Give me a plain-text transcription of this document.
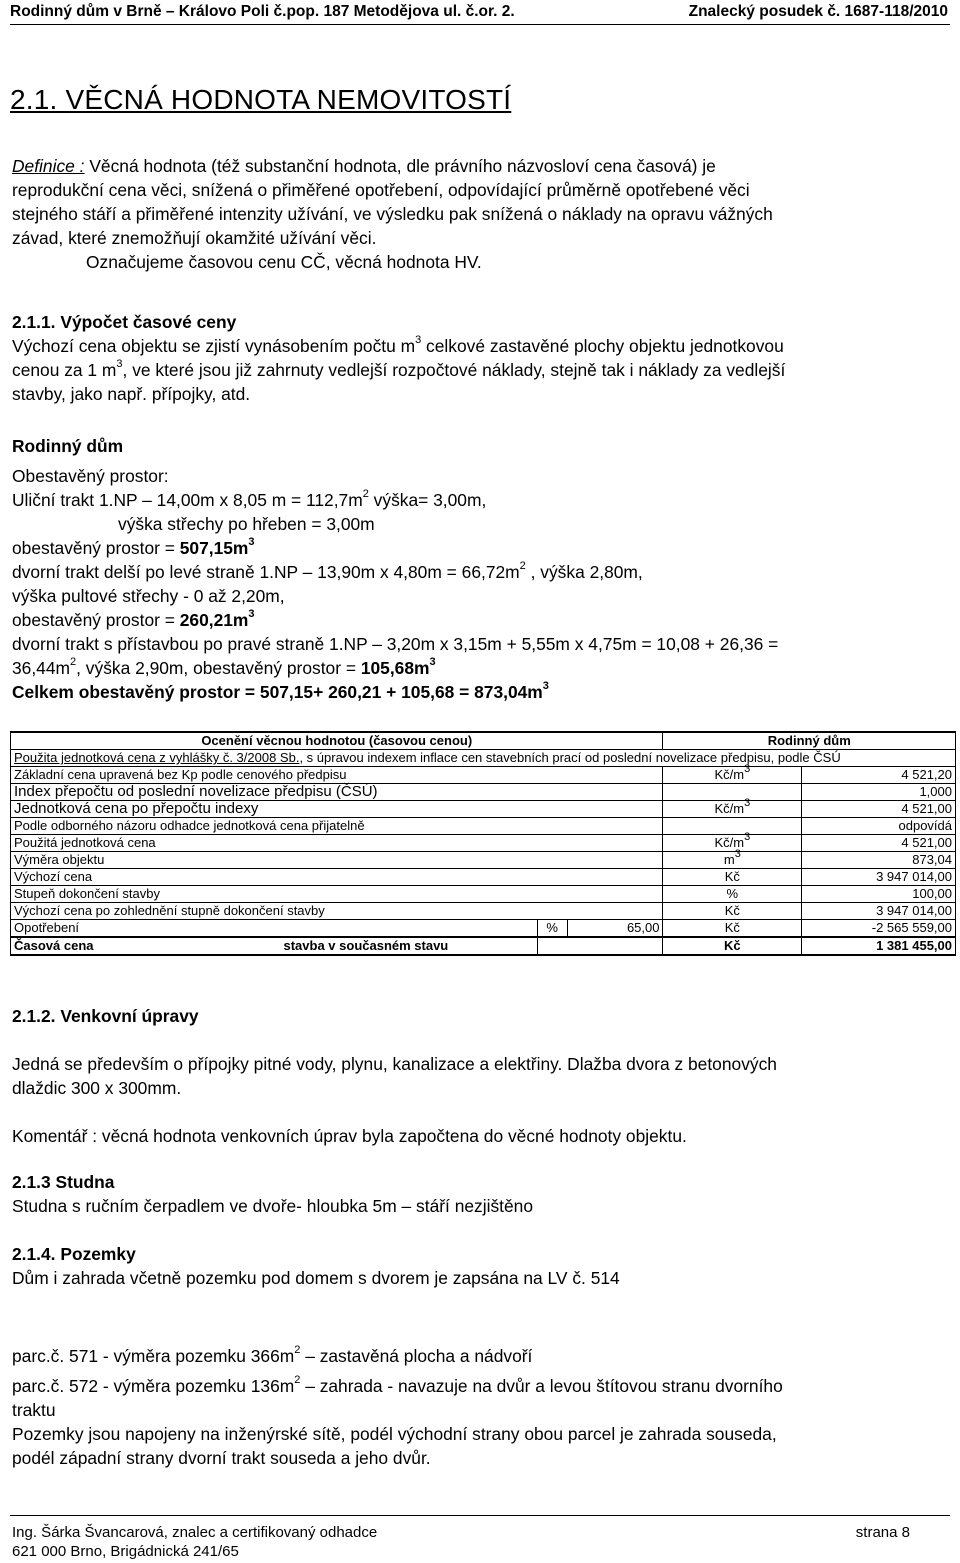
Rodinný dům v Brně – Královo Poli č.pop. 187 Metodějova ul. č.or. 2.	Znalecký posudek č. 1687-118/2010
2.1. VĚCNÁ HODNOTA NEMOVITOSTÍ
Definice : Věcná hodnota (též substanční hodnota, dle právního názvosloví cena časová) je
reprodukční cena věci, snížená o přiměřené opotřebení, odpovídající průměrně opotřebené věci
stejného stáří a přiměřené intenzity užívání, ve výsledku pak snížená o náklady na opravu vážných
závad, které znemožňují okamžité užívání věci.
Označujeme časovou cenu CČ, věcná hodnota HV.
2.1.1. Výpočet časové ceny
Výchozí cena objektu se zjistí vynásobením počtu $m^3$ celkové zastavěné plochy objektu jednotkovou
cenou za 1 $m^3$, ve které jsou již zahrnuty vedlejší rozpočtové náklady, stejně tak i náklady za vedlejší
stavby, jako např. přípojky, atd.
Rodinný dům
Obestavěný prostor:
Uliční trakt 1.NP – 14,00m x 8,05 $m = 112,7m^2$ výška= 3,00m,
výška střechy po hřeben = 3,00m
obestavěný prostor = $507,15m^3$
dvorní trakt delší po levé straně 1.NP – 13,90m x $4,80m = 66,72m^2$ , výška 2,80m,
výška pultové střechy - 0 až 2,20m,
obestavěný prostor = $260,21m^3$
dvorní trakt s přístavbou po pravé straně 1.NP – 3,20m x 3,15m + 5,55m x 4,75m = 10,08 + 26,36 =
$36,44m^2$, výška 2,90m, obestavěný prostor = $105,68m^3$
Celkem obestavěný prostor = $507,15+ 260,21 + 105,68 = 873,04m^3$
Ocenění věcnou hodnotou (časovou cenou)			Rodinný dům	
Použita jednotková cena z vyhlášky č. 3/2008 Sb., s úpravou indexem inflace cen stavebních prací od poslední novelizace předpisu, podle ČSÚ				
Základní cena upravená bez Kp podle cenového předpisu			$Kč/m^3$	4 521,20
Index přepočtu od poslední novelizace předpisu (ČSÚ)				1,000
Jednotková cena po přepočtu indexy			$Kč/m^3$	4 521,00
Podle odborného názoru odhadce jednotková cena přijatelně				odpovídá
Použitá jednotková cena			$Kč/m^3$	4 521,00
Výměra objektu			$m^3$	873,04
Výchozí cena			Kč	3 947 014,00
Stupeň dokončení stavby			%	100,00
Výchozí cena po zohlednění stupně dokončení stavby			Kč	3 947 014,00
Opotřebení	%	65,00	Kč	-2 565 559,00
Časová cena stavba v současném stavu			Kč	1 381 455,00
2.1.2. Venkovní úpravy
Jedná se především o přípojky pitné vody, plynu, kanalizace a elektřiny. Dlažba dvora z betonových
dlaždic 300 x 300mm.
Komentář : věcná hodnota venkovních úprav byla započtena do věcné hodnoty objektu.
2.1.3 Studna
Studna s ručním čerpadlem ve dvoře- hloubka 5m – stáří nezjištěno
2.1.4. Pozemky
Dům i zahrada včetně pozemku pod domem s dvorem je zapsána na LV č. 514
parc.č. 571 - výměra pozemku $366m^2$ – zastavěná plocha a nádvoří
parc.č. 572 - výměra pozemku $136m^2$ – zahrada - navazuje na dvůr a levou štítovou stranu dvorního
traktu
Pozemky jsou napojeny na inženýrské sítě, podél východní strany obou parcel je zahrada souseda,
podél západní strany dvorní trakt souseda a jeho dvůr.
Ing. Šárka Švancarová, znalec a certifikovaný odhadce
621 000 Brno, Brigádnická 241/65
strana 8
